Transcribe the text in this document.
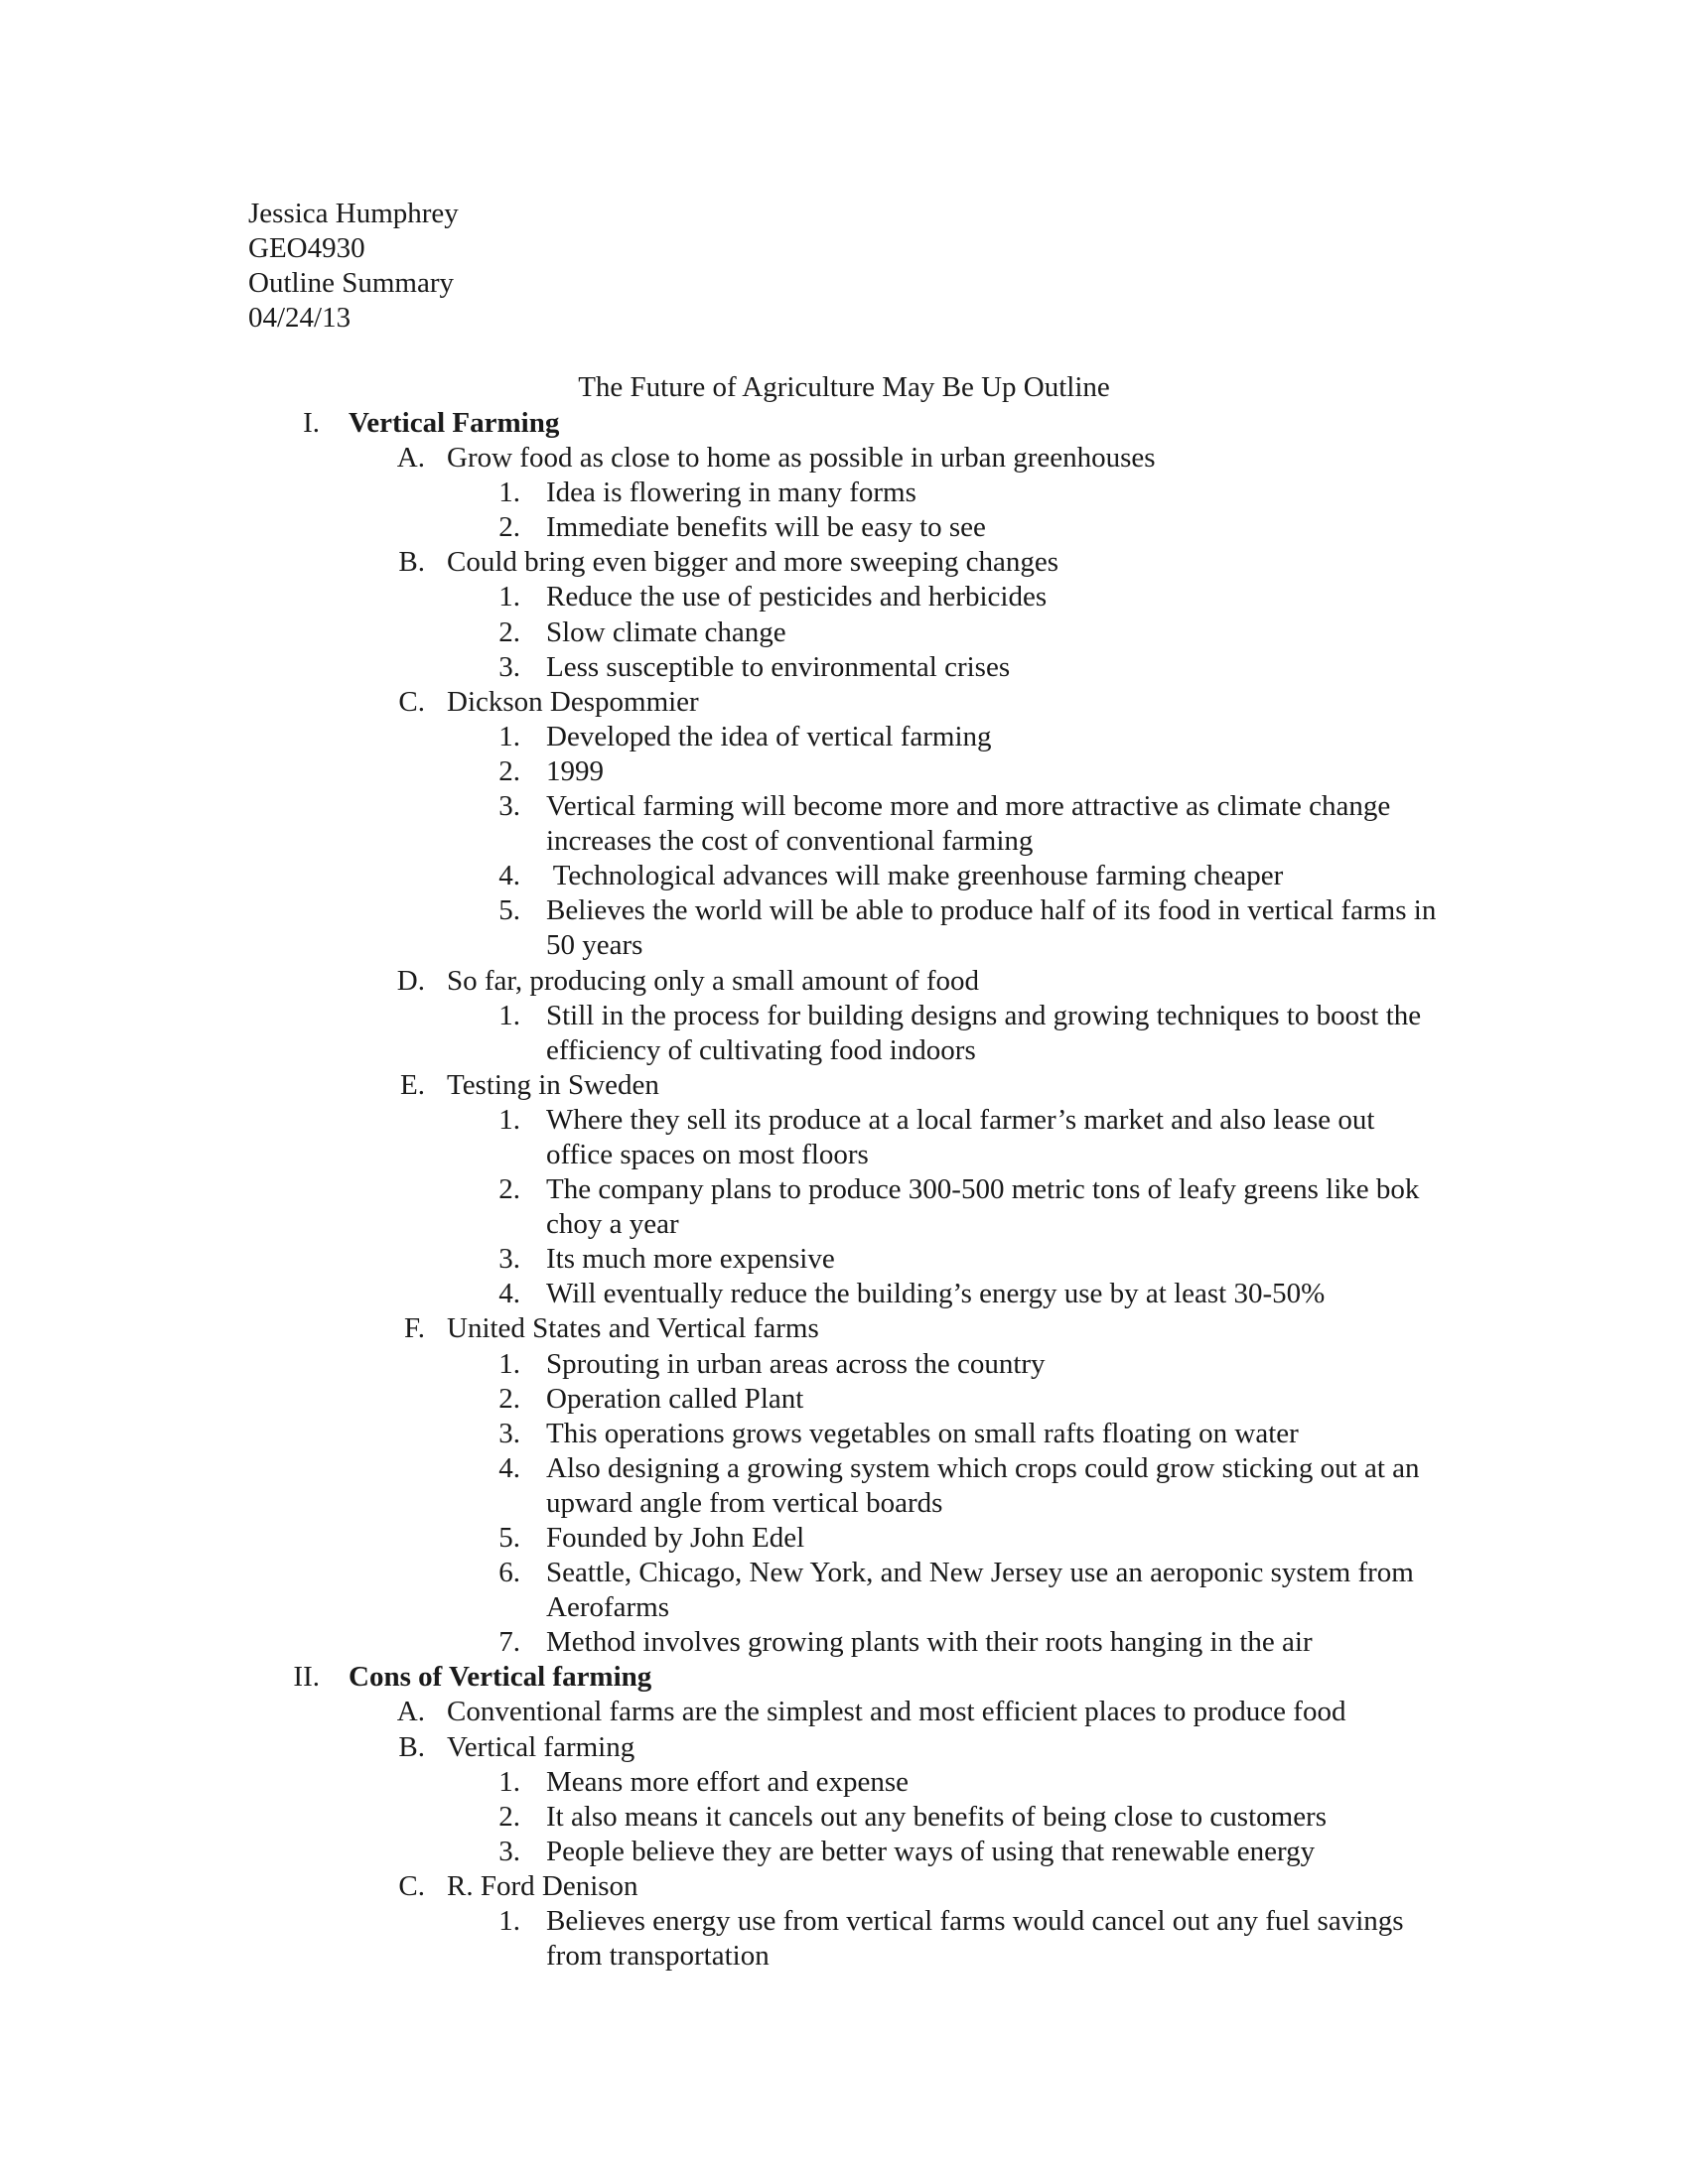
Jessica Humphrey
GEO4930
Outline Summary
04/24/13
The Future of Agriculture May Be Up Outline
I. Vertical Farming
A. Grow food as close to home as possible in urban greenhouses
1. Idea is flowering in many forms
2. Immediate benefits will be easy to see
B. Could bring even bigger and more sweeping changes
1. Reduce the use of pesticides and herbicides
2. Slow climate change
3. Less susceptible to environmental crises
C. Dickson Despommier
1. Developed the idea of vertical farming
2. 1999
3. Vertical farming will become more and more attractive as climate change increases the cost of conventional farming
4. Technological advances will make greenhouse farming cheaper
5. Believes the world will be able to produce half of its food in vertical farms in 50 years
D. So far, producing only a small amount of food
1. Still in the process for building designs and growing techniques to boost the efficiency of cultivating food indoors
E. Testing in Sweden
1. Where they sell its produce at a local farmer’s market and also lease out office spaces on most floors
2. The company plans to produce 300-500 metric tons of leafy greens like bok choy a year
3. Its much more expensive
4. Will eventually reduce the building’s energy use by at least 30-50%
F. United States and Vertical farms
1. Sprouting in urban areas across the country
2. Operation called Plant
3. This operations grows vegetables on small rafts floating on water
4. Also designing a growing system which crops could grow sticking out at an upward angle from vertical boards
5. Founded by John Edel
6. Seattle, Chicago, New York, and New Jersey use an aeroponic system from Aerofarms
7. Method involves growing plants with their roots hanging in the air
II. Cons of Vertical farming
A. Conventional farms are the simplest and most efficient places to produce food
B. Vertical farming
1. Means more effort and expense
2. It also means it cancels out any benefits of being close to customers
3. People believe they are better ways of using that renewable energy
C. R. Ford Denison
1. Believes energy use from vertical farms would cancel out any fuel savings from transportation
